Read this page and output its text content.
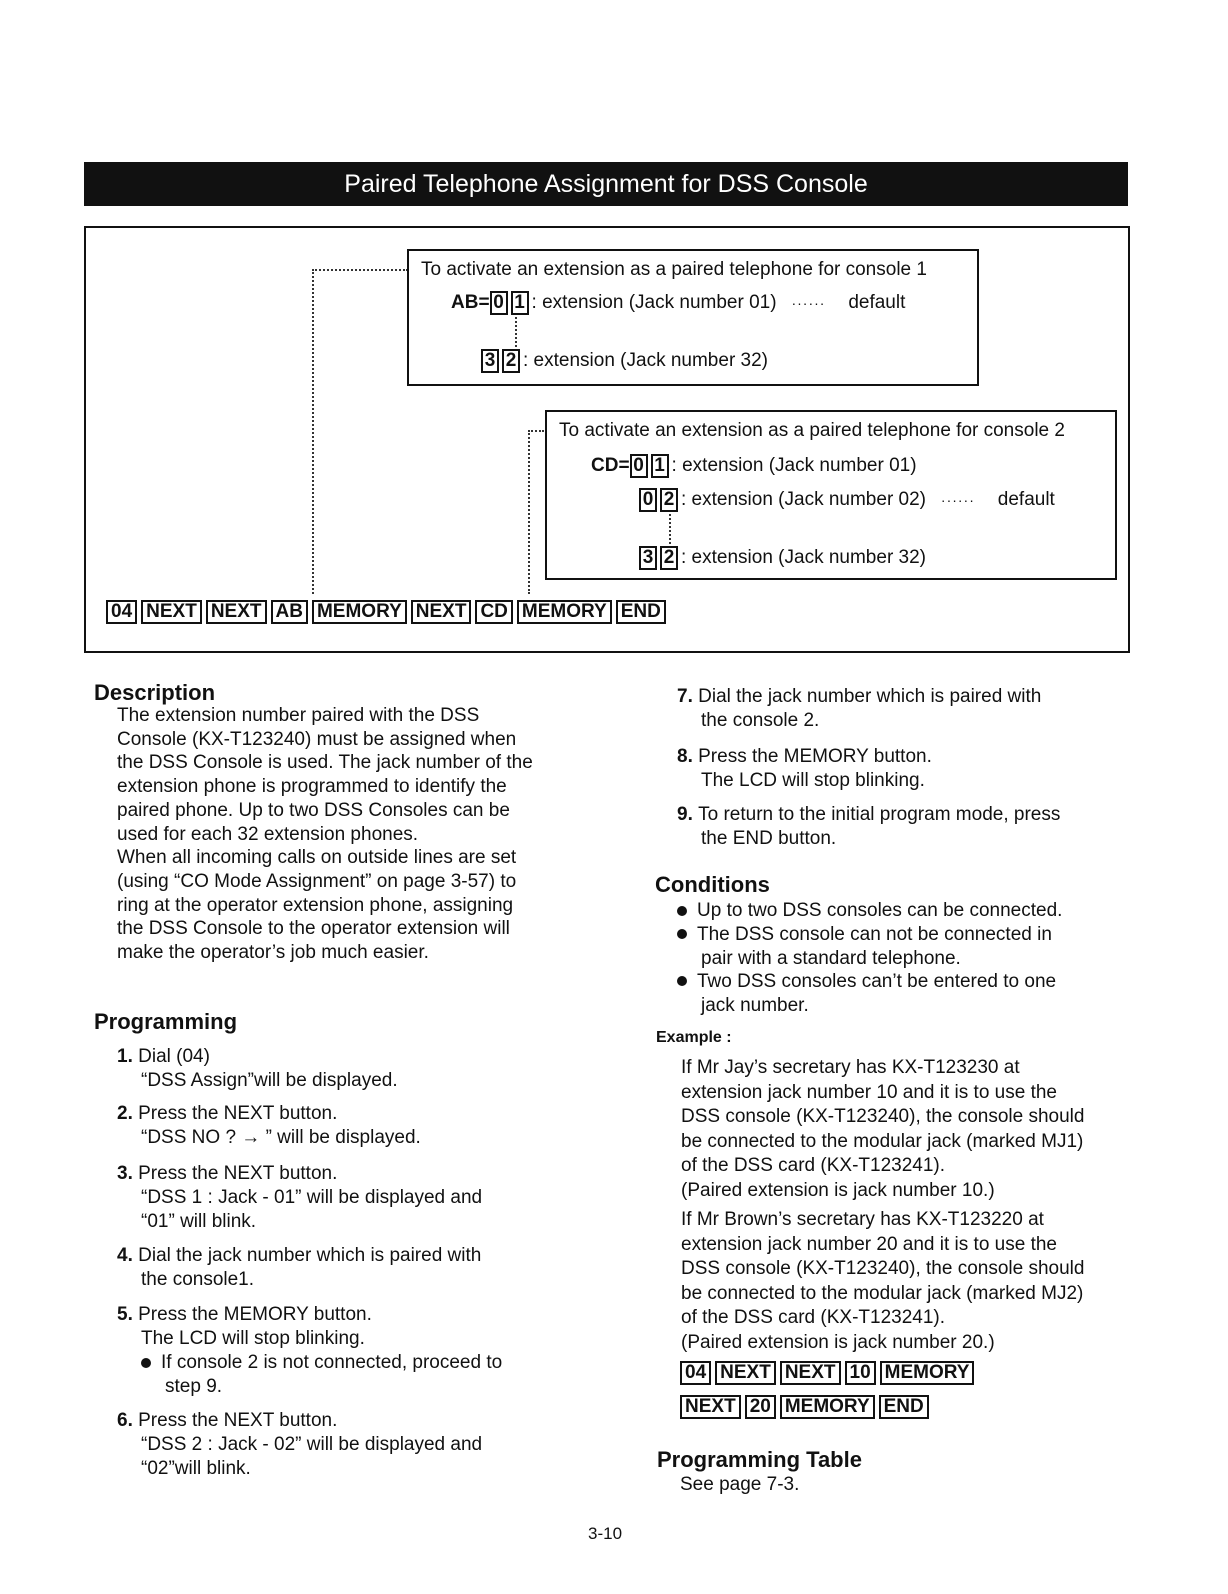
Paired Telephone Assignment for DSS Console
To activate an extension as a paired telephone for console 1
AB= 0 1 : extension (Jack number 01) ······ default
3 2 : extension (Jack number 32)
To activate an extension as a paired telephone for console 2
CD= 0 1 : extension (Jack number 01)
0 2 : extension (Jack number 02) ······ default
3 2 : extension (Jack number 32)
04 NEXT NEXT AB MEMORY NEXT CD MEMORY END
3-10
Description
The extension number paired with the DSS
Console (KX-T123240) must be assigned when
the DSS Console is used. The jack number of the
extension phone is programmed to identify the
paired phone. Up to two DSS Consoles can be
used for each 32 extension phones.
When all incoming calls on outside lines are set
(using “CO Mode Assignment” on page 3-57) to
ring at the operator extension phone, assigning
the DSS Console to the operator extension will
make the operator’s job much easier.
Programming
1. Dial (04)
“DSS Assign”will be displayed.
2. Press the NEXT button.
“DSS NO ? → ” will be displayed.
3. Press the NEXT button.
“DSS 1 : Jack - 01” will be displayed and
“01” will blink.
4. Dial the jack number which is paired with
the console1.
5. Press the MEMORY button.
The LCD will stop blinking.
If console 2 is not connected, proceed to
step 9.
6. Press the NEXT button.
“DSS 2 : Jack - 02” will be displayed and
“02”will blink.
7. Dial the jack number which is paired with
the console 2.
8. Press the MEMORY button.
The LCD will stop blinking.
9. To return to the initial program mode, press
the END button.
Conditions
Up to two DSS consoles can be connected.
The DSS console can not be connected in
pair with a standard telephone.
Two DSS consoles can’t be entered to one
jack number.
Example :
If Mr Jay’s secretary has KX-T123230 at
extension jack number 10 and it is to use the
DSS console (KX-T123240), the console should
be connected to the modular jack (marked MJ1)
of the DSS card (KX-T123241).
(Paired extension is jack number 10.)
If Mr Brown’s secretary has KX-T123220 at
extension jack number 20 and it is to use the
DSS console (KX-T123240), the console should
be connected to the modular jack (marked MJ2)
of the DSS card (KX-T123241).
(Paired extension is jack number 20.)
04 NEXT NEXT 10 MEMORY
NEXT 20 MEMORY END
Programming Table
See page 7-3.
